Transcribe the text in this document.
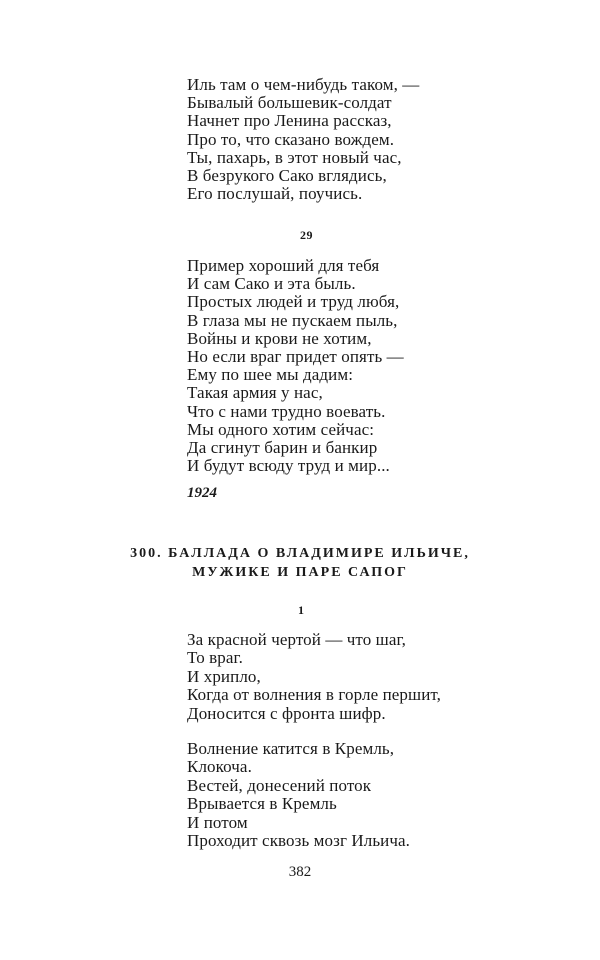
Иль там о чем-нибудь таком, —
Бывалый большевик-солдат
Начнет про Ленина рассказ,
Про то, что сказано вождем.
Ты, пахарь, в этот новый час,
В безрукого Сако вглядись,
Его послушай, поучись.
29
Пример хороший для тебя
И сам Сако и эта быль.
Простых людей и труд любя,
В глаза мы не пускаем пыль,
Войны и крови не хотим,
Но если враг придет опять —
Ему по шее мы дадим:
Такая армия у нас,
Что с нами трудно воевать.
Мы одного хотим сейчас:
Да сгинут барин и банкир
И будут всюду труд и мир...
1924
300. БАЛЛАДА О ВЛАДИМИРЕ ИЛЬИЧЕ,
МУЖИКЕ И ПАРЕ САПОГ
1
За красной чертой — что шаг,
То враг.
И хрипло,
Когда от волнения в горле першит,
Доносится с фронта шифр.
Волнение катится в Кремль,
Клокоча.
Вестей, донесений поток
Врывается в Кремль
И потом
Проходит сквозь мозг Ильича.
382
